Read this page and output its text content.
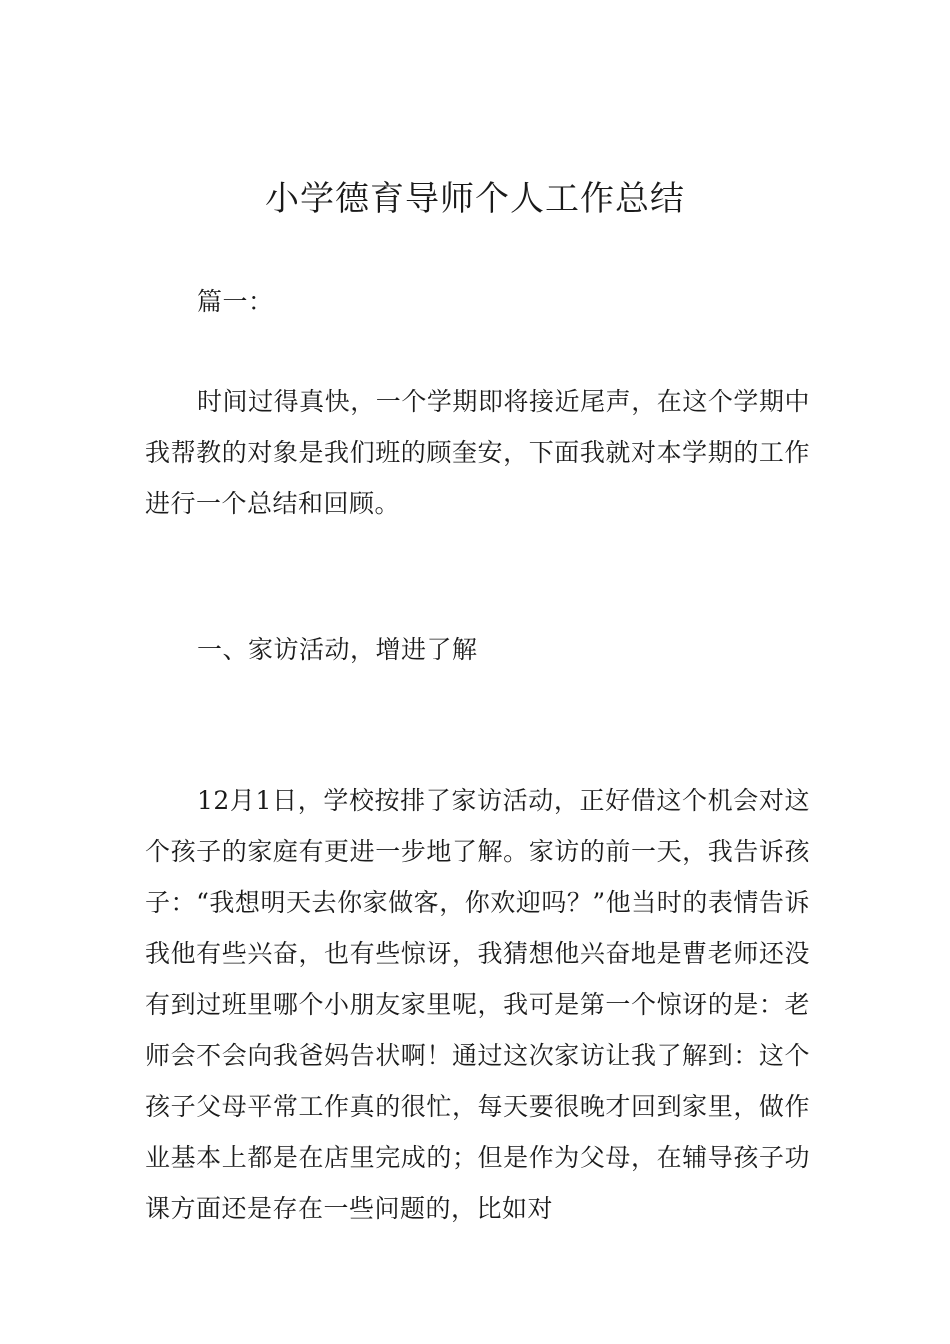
小学德育导师个人工作总结

篇一：

时间过得真快，一个学期即将接近尾声，在这个学期中我帮教的对象是我们班的顾奎安，下面我就对本学期的工作进行一个总结和回顾。

一、家访活动，增进了解

12月1日，学校按排了家访活动，正好借这个机会对这个孩子的家庭有更进一步地了解。家访的前一天，我告诉孩子：“我想明天去你家做客，你欢迎吗？”他当时的表情告诉我他有些兴奋，也有些惊讶，我猜想他兴奋地是曹老师还没有到过班里哪个小朋友家里呢，我可是第一个惊讶的是：老师会不会向我爸妈告状啊！通过这次家访让我了解到：这个孩子父母平常工作真的很忙，每天要很晚才回到家里，做作业基本上都是在店里完成的；但是作为父母，在辅导孩子功课方面还是存在一些问题的，比如对
